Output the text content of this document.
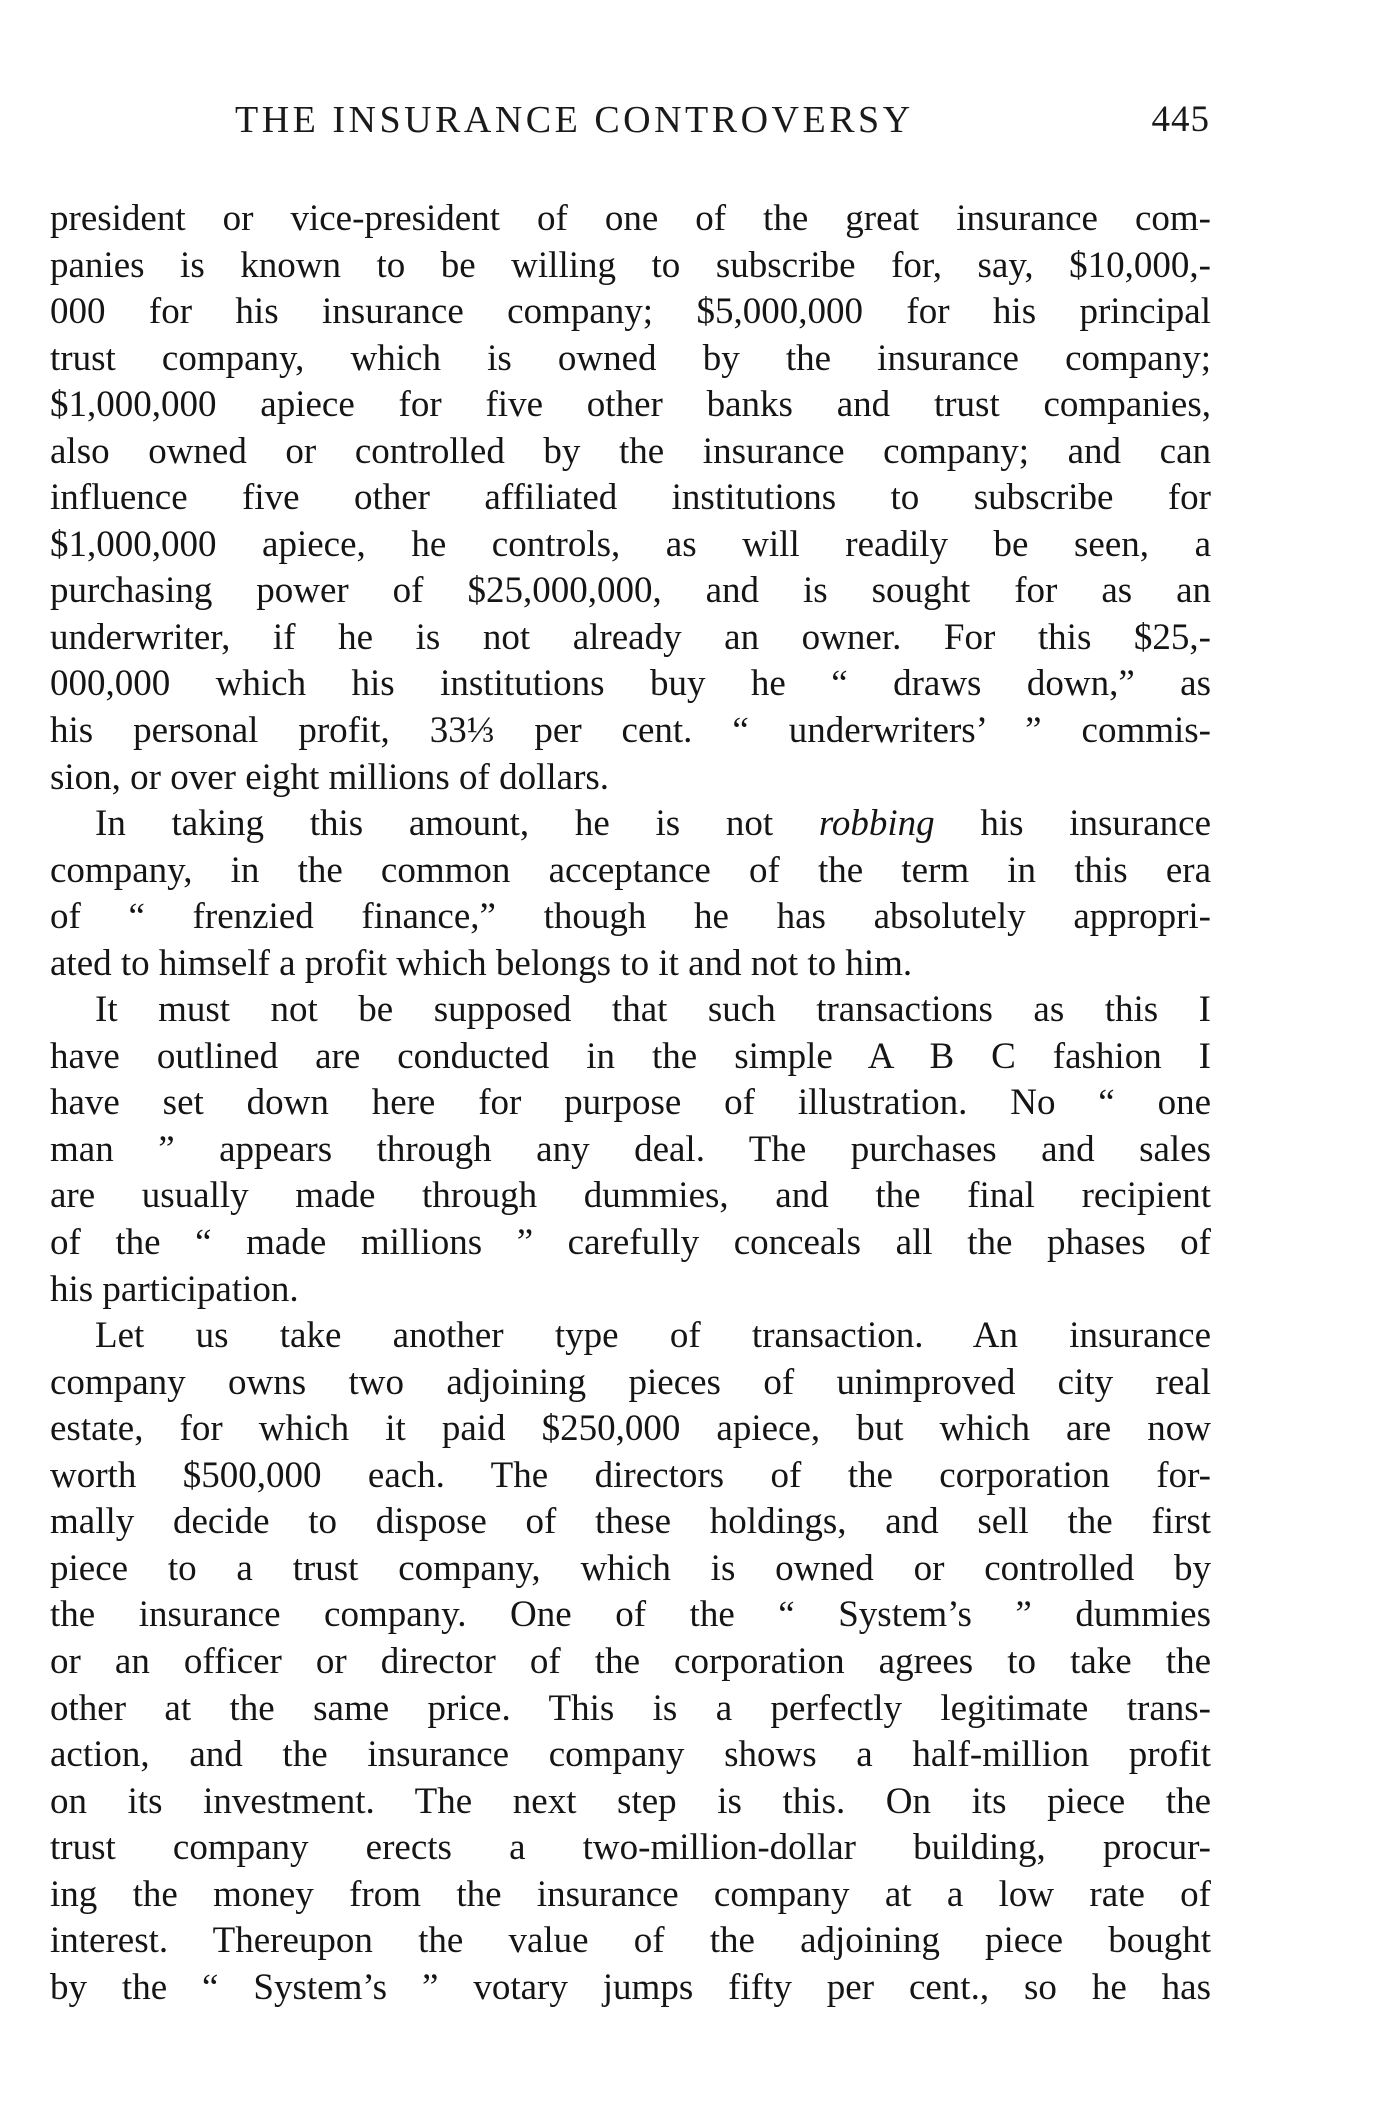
THE INSURANCE CONTROVERSY	445
president or vice-president of one of the great insurance com-
panies is known to be willing to subscribe for, say, $10,000,-
000 for his insurance company; $5,000,000 for his principal
trust company, which is owned by the insurance company;
$1,000,000 apiece for five other banks and trust companies,
also owned or controlled by the insurance company; and can
influence five other affiliated institutions to subscribe for
$1,000,000 apiece, he controls, as will readily be seen, a
purchasing power of $25,000,000, and is sought for as an
underwriter, if he is not already an owner. For this $25,-
000,000 which his institutions buy he “ draws down,” as
his personal profit, 33⅓ per cent. “ underwriters’ ” commis-
sion, or over eight millions of dollars.
In taking this amount, he is not robbing his insurance
company, in the common acceptance of the term in this era
of “ frenzied finance,” though he has absolutely appropri-
ated to himself a profit which belongs to it and not to him.
It must not be supposed that such transactions as this I
have outlined are conducted in the simple A B C fashion I
have set down here for purpose of illustration. No “ one
man ” appears through any deal. The purchases and sales
are usually made through dummies, and the final recipient
of the “ made millions ” carefully conceals all the phases of
his participation.
Let us take another type of transaction. An insurance
company owns two adjoining pieces of unimproved city real
estate, for which it paid $250,000 apiece, but which are now
worth $500,000 each. The directors of the corporation for-
mally decide to dispose of these holdings, and sell the first
piece to a trust company, which is owned or controlled by
the insurance company. One of the “ System’s ” dummies
or an officer or director of the corporation agrees to take the
other at the same price. This is a perfectly legitimate trans-
action, and the insurance company shows a half-million profit
on its investment. The next step is this. On its piece the
trust company erects a two-million-dollar building, procur-
ing the money from the insurance company at a low rate of
interest. Thereupon the value of the adjoining piece bought
by the “ System’s ” votary jumps fifty per cent., so he has
